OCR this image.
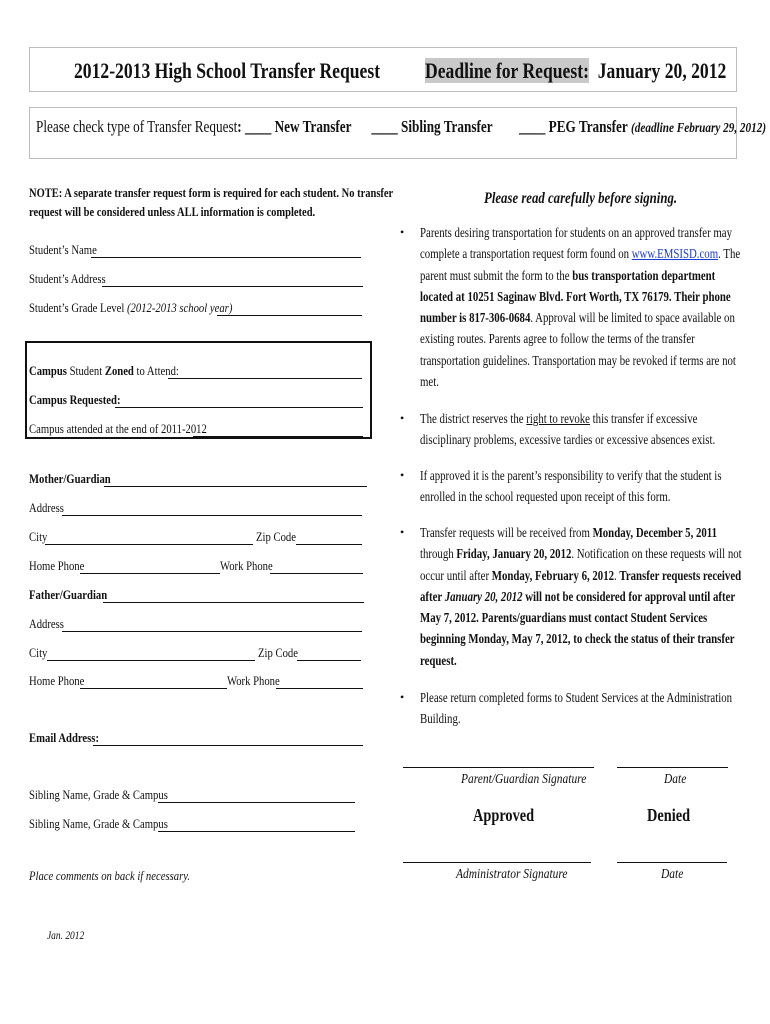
2012-2013 High School Transfer Request	Deadline for Request: January 20, 2012
Please check type of Transfer Request: ____ New Transfer ____ Sibling Transfer ____ PEG Transfer (deadline February 29, 2012)
NOTE: A separate transfer request form is required for each student. No transfer
request will be considered unless ALL information is completed.
Student’s Name
Student’s Address
Student’s Grade Level (2012-2013 school year)
Campus Student Zoned to Attend:
Campus Requested:
Campus attended at the end of 2011-2012
Mother/Guardian
Address
City	Zip Code
Home Phone	Work Phone
Father/Guardian
Address
City	Zip Code
Home Phone	Work Phone
Email Address:
Sibling Name, Grade & Campus
Sibling Name, Grade & Campus
Place comments on back if necessary.
Jan. 2012
Please read carefully before signing.
• Parents desiring transportation for students on an approved transfer may complete a transportation request form found on www.EMSISD.com. The parent must submit the form to the bus transportation department located at 10251 Saginaw Blvd. Fort Worth, TX 76179. Their phone number is 817-306-0684. Approval will be limited to space available on existing routes. Parents agree to follow the terms of the transfer transportation guidelines. Transportation may be revoked if terms are not met.
• The district reserves the right to revoke this transfer if excessive disciplinary problems, excessive tardies or excessive absences exist.
• If approved it is the parent’s responsibility to verify that the student is enrolled in the school requested upon receipt of this form.
• Transfer requests will be received from Monday, December 5, 2011 through Friday, January 20, 2012. Notification on these requests will not occur until after Monday, February 6, 2012. Transfer requests received after January 20, 2012 will not be considered for approval until after May 7, 2012. Parents/guardians must contact Student Services beginning Monday, May 7, 2012, to check the status of their transfer request.
• Please return completed forms to Student Services at the Administration Building.
Parent/Guardian Signature	Date
Approved	Denied
Administrator Signature	Date
